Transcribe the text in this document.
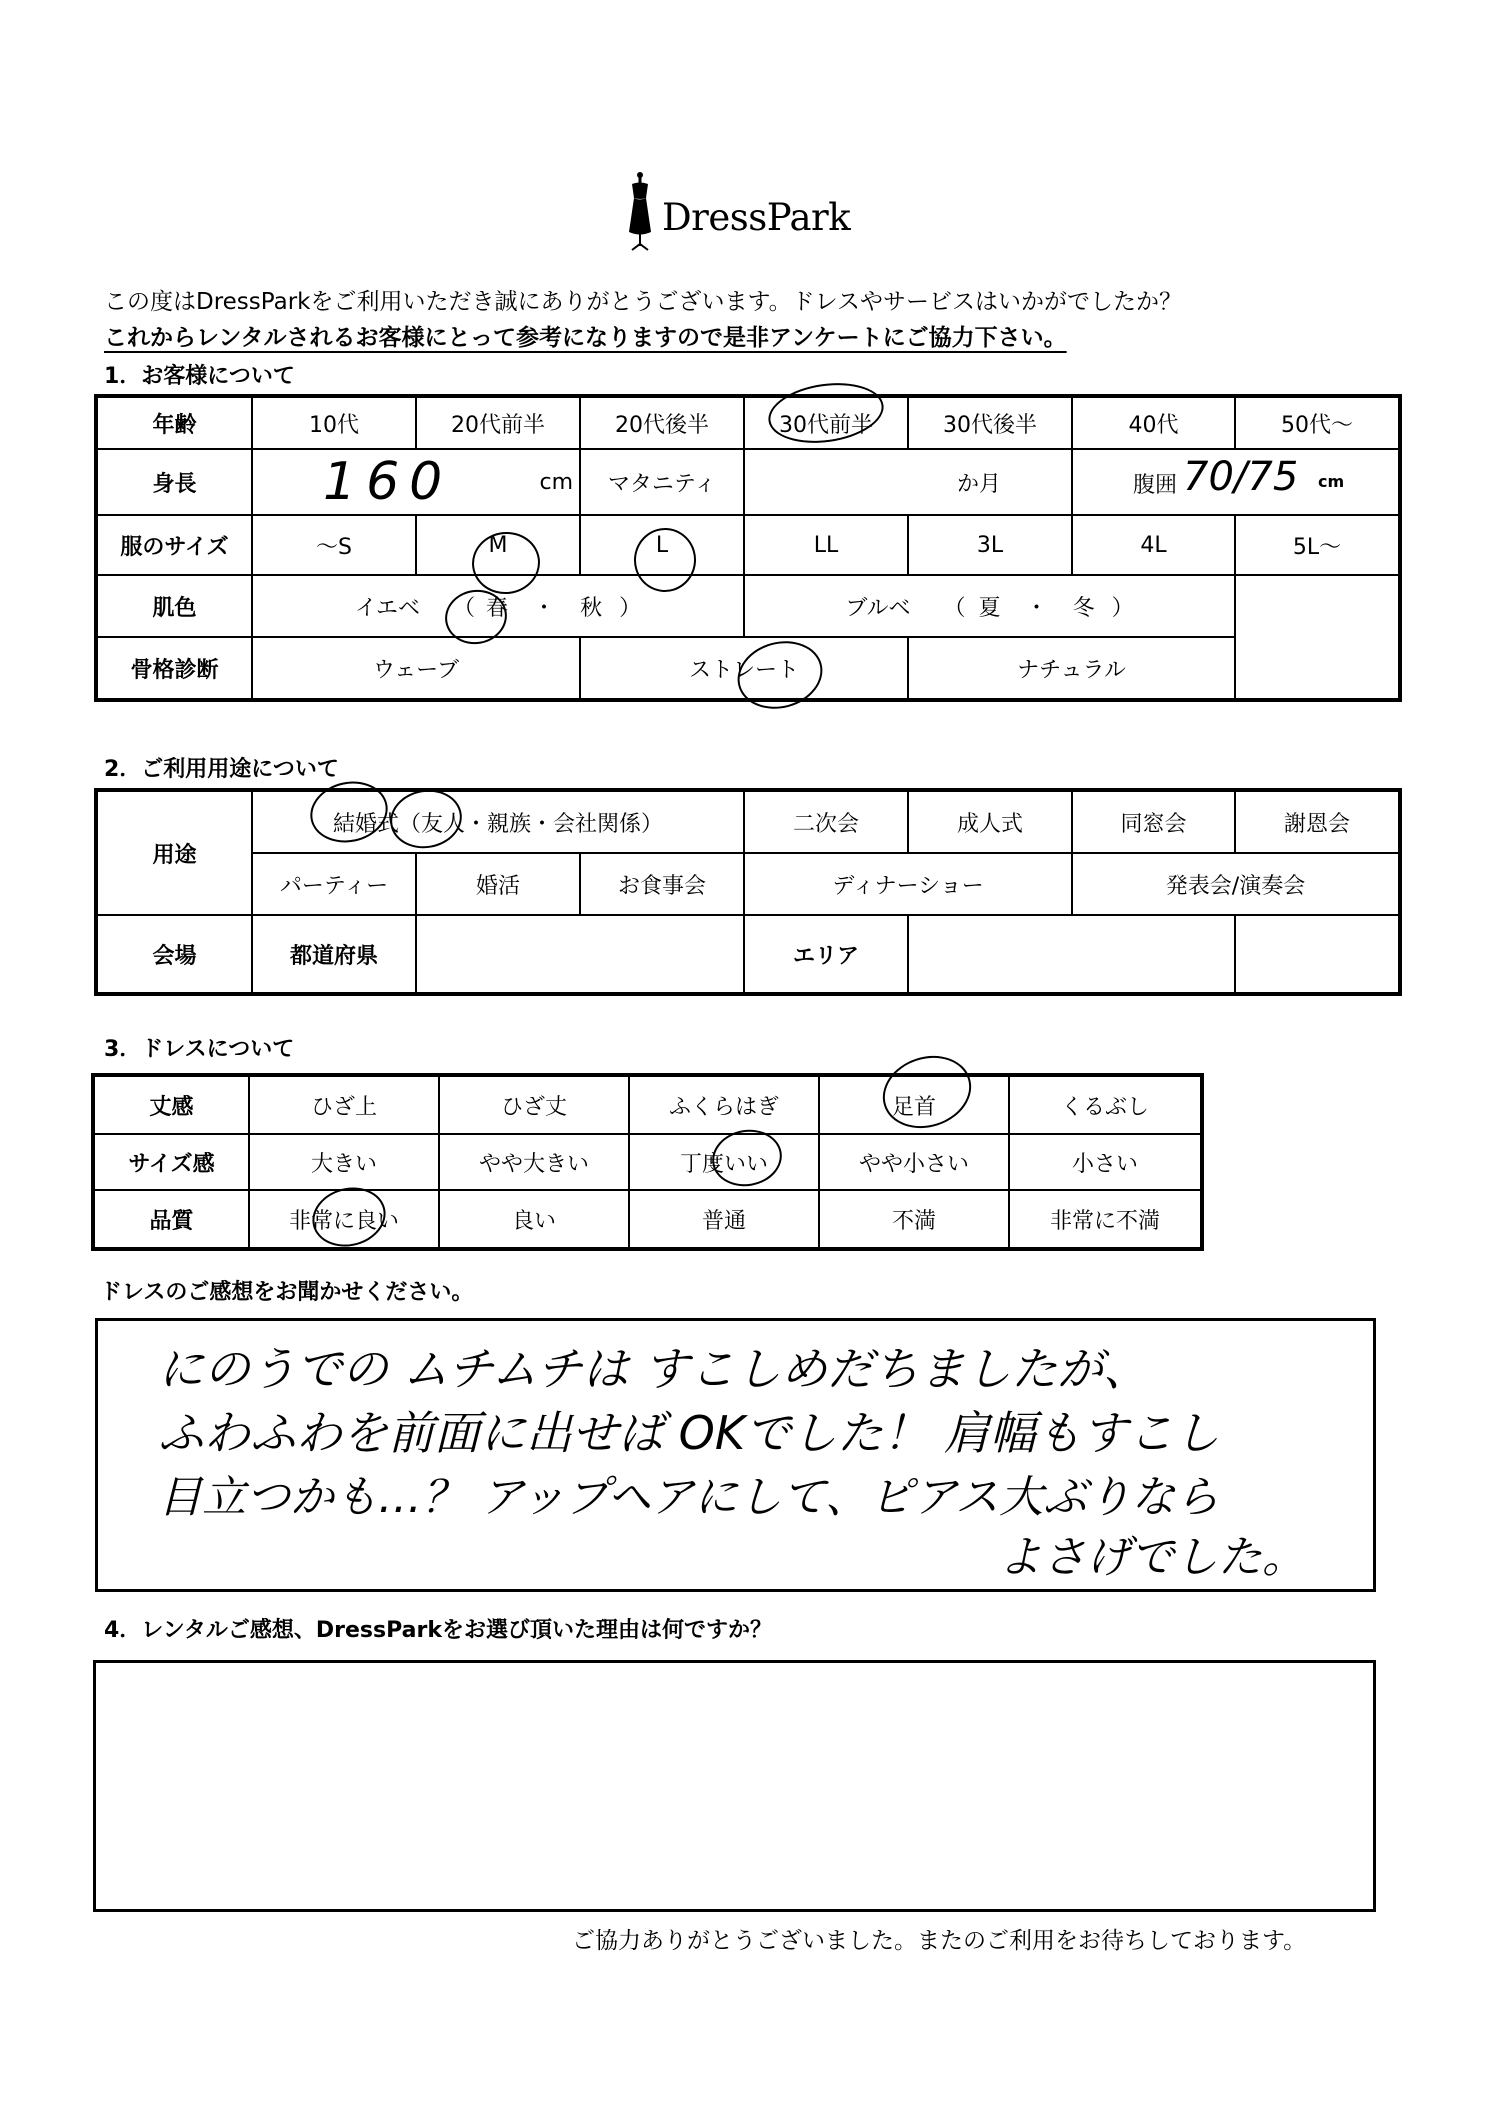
DressPark
この度はDressParkをご利用いただき誠にありがとうございます。ドレスやサービスはいかがでしたか？
これからレンタルされるお客様にとって参考になりますので是非アンケートにご協力下さい。
1．お客様について
年齢	10代	20代前半	20代後半	30代前半	30代後半	40代	50代〜
身長	160 cm		マタニティ	か月		腹囲 70/75 cm	

服のサイズ	〜S	M	L	LL	3L	4L	5L〜
肌色	イエベ （ 春 ・ 秋 ）			ブルベ （ 夏 ・ 冬 ）			
骨格診断	ウェーブ		ストレート		ナチュラル		
2．ご利用用途について
用途	結婚式（友人・親族・会社関係）			二次会	成人式	同窓会	謝恩会
	パーティー	婚活	お食事会	ディナーショー		発表会/演奏会	
会場	都道府県			エリア			
3．ドレスについて
丈感	ひざ上	ひざ丈	ふくらはぎ	足首	くるぶし
サイズ感	大きい	やや大きい	丁度いい	やや小さい	小さい
品質	非常に良い	良い	普通	不満	非常に不満
ドレスのご感想をお聞かせください。
にのうでの ムチムチは すこしめだちましたが、
ふわふわを前面に出せば OKでした！ 肩幅もすこし
目立つかも…？ アップヘアにして、ピアス大ぶりなら
よさげでした。
4．レンタルご感想、DressParkをお選び頂いた理由は何ですか？
ご協力ありがとうございました。またのご利用をお待ちしております。
